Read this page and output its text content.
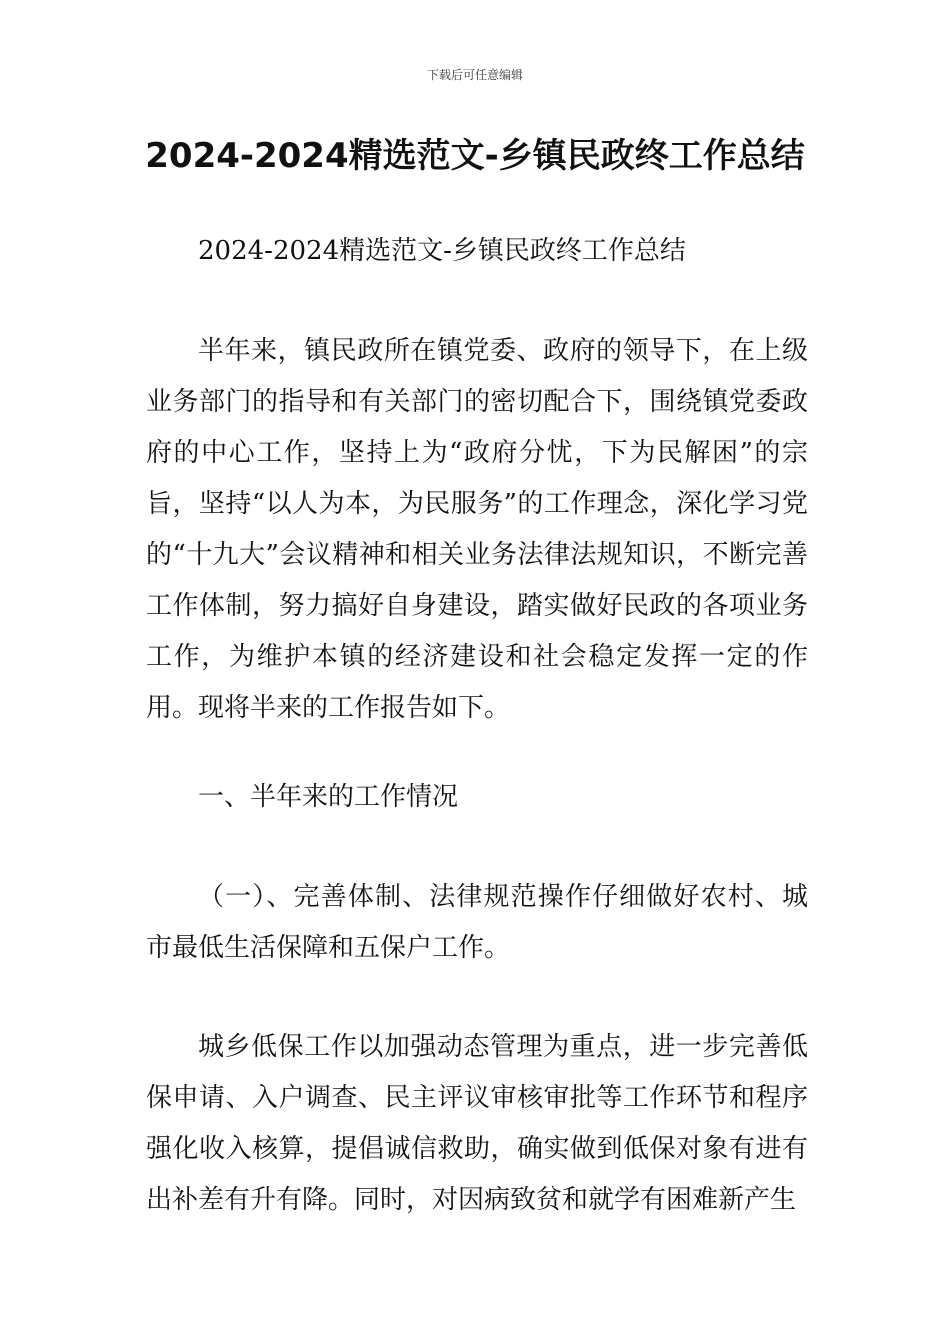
下载后可任意编辑
2024-2024精选范文-乡镇民政终工作总结
2024-2024精选范文-乡镇民政终工作总结
半年来，镇民政所在镇党委、政府的领导下，在上级业务部门的指导和有关部门的密切配合下，围绕镇党委政府的中心工作，坚持上为“政府分忧，下为民解困”的宗旨，坚持“以人为本，为民服务”的工作理念，深化学习党的“十九大”会议精神和相关业务法律法规知识，不断完善工作体制，努力搞好自身建设，踏实做好民政的各项业务工作，为维护本镇的经济建设和社会稳定发挥一定的作用。现将半来的工作报告如下。
一、半年来的工作情况
（一）、完善体制、法律规范操作仔细做好农村、城市最低生活保障和五保户工作。
城乡低保工作以加强动态管理为重点，进一步完善低保申请、入户调查、民主评议审核审批等工作环节和程序强化收入核算，提倡诚信救助，确实做到低保对象有进有出补差有升有降。同时，对因病致贫和就学有困难新产生
